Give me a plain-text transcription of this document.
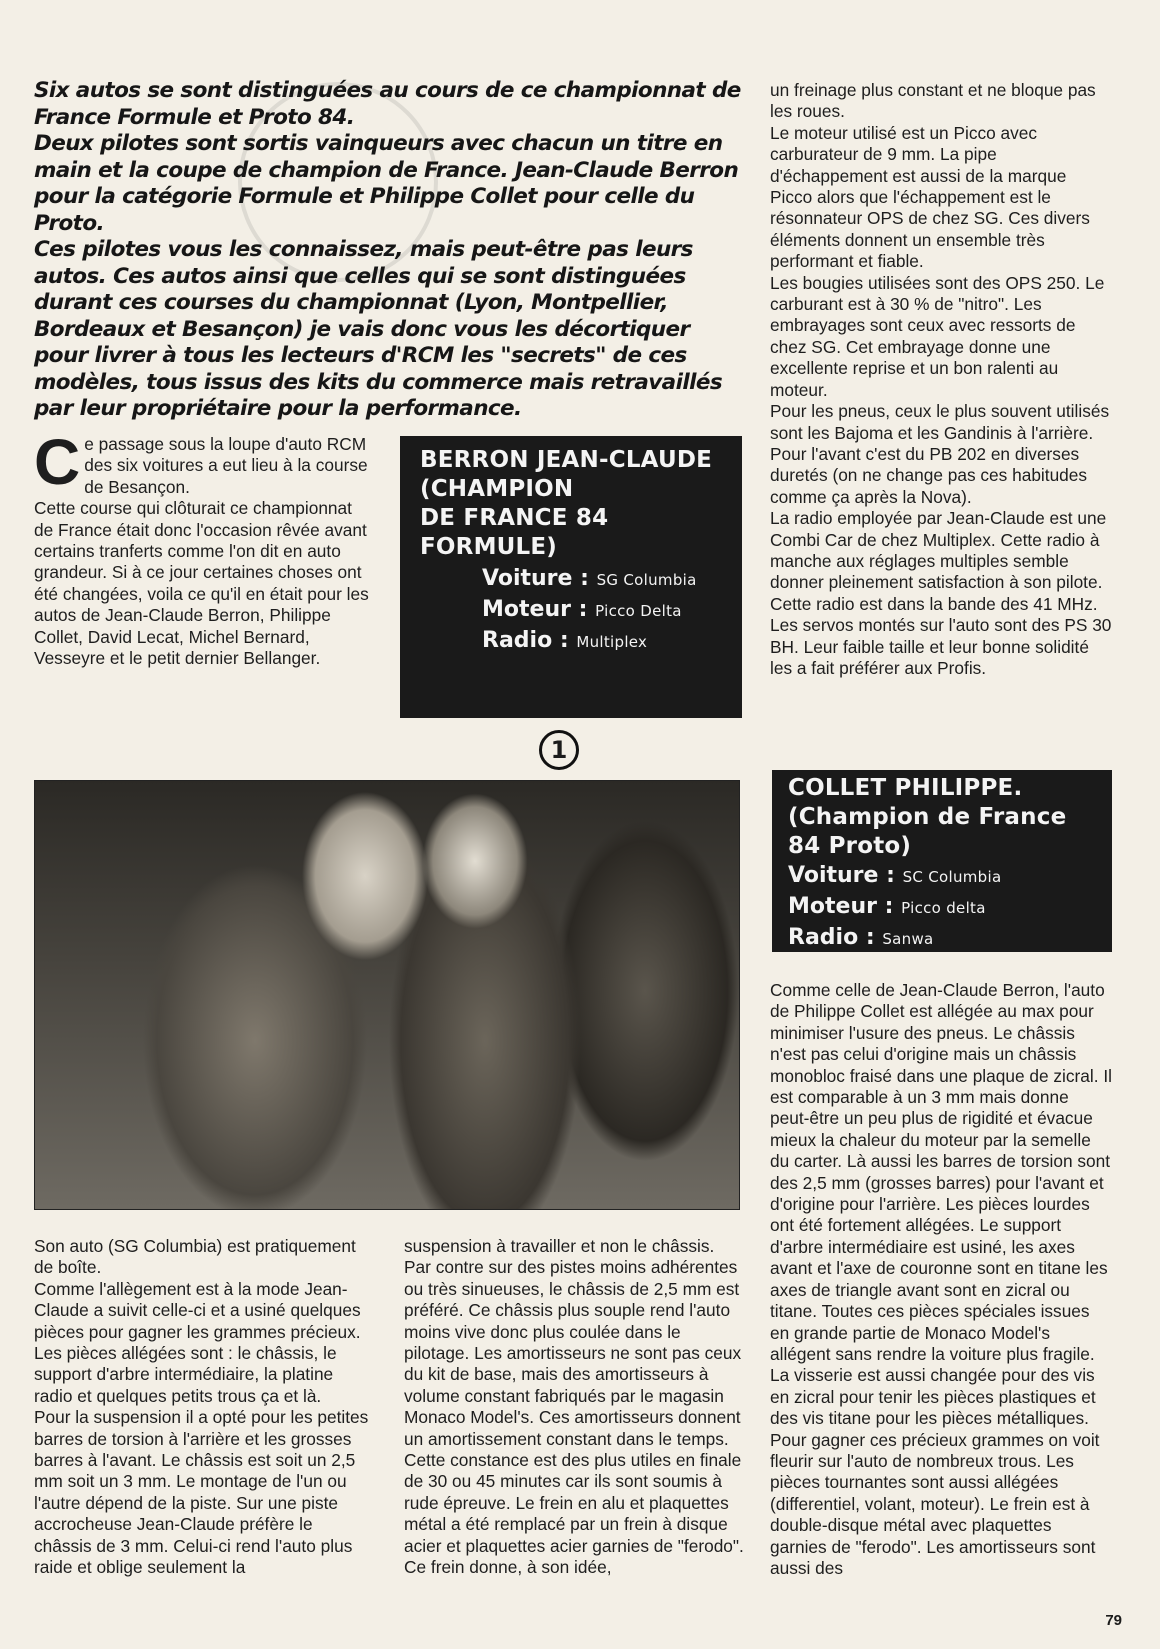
Six autos se sont distinguées au cours de ce championnat de France Formule et Proto 84.

Deux pilotes sont sortis vainqueurs avec chacun un titre en main et la coupe de champion de France. Jean-Claude Berron pour la catégorie Formule et Philippe Collet pour celle du Proto.

Ces pilotes vous les connaissez, mais peut-être pas leurs autos. Ces autos ainsi que celles qui se sont distinguées durant ces courses du championnat (Lyon, Montpellier, Bordeaux et Besançon) je vais donc vous les décortiquer pour livrer à tous les lecteurs d'RCM les "secrets" de ces modèles, tous issus des kits du commerce mais retravaillés par leur propriétaire pour la performance.

Ce passage sous la loupe d'auto RCM des six voitures a eut lieu à la course de Besançon.

Cette course qui clôturait ce championnat de France était donc l'occasion rêvée avant certains tranferts comme l'on dit en auto grandeur. Si à ce jour certaines choses ont été changées, voila ce qu'il en était pour les autos de Jean-Claude Berron, Philippe Collet, David Lecat, Michel Bernard, Vesseyre et le petit dernier Bellanger.

BERRON JEAN-CLAUDE
(CHAMPION
DE FRANCE 84
FORMULE)
Voiture : SG Columbia
Moteur : Picco Delta
Radio : Multiplex
1

un freinage plus constant et ne bloque pas les roues.

Le moteur utilisé est un Picco avec carburateur de 9 mm. La pipe d'échappement est aussi de la marque Picco alors que l'échappement est le résonnateur OPS de chez SG. Ces divers éléments donnent un ensemble très performant et fiable.

Les bougies utilisées sont des OPS 250. Le carburant est à 30 % de "nitro". Les embrayages sont ceux avec ressorts de chez SG. Cet embrayage donne une excellente reprise et un bon ralenti au moteur.

Pour les pneus, ceux le plus souvent utilisés sont les Bajoma et les Gandinis à l'arrière.

Pour l'avant c'est du PB 202 en diverses duretés (on ne change pas ces habitudes comme ça après la Nova).

La radio employée par Jean-Claude est une Combi Car de chez Multiplex. Cette radio à manche aux réglages multiples semble donner pleinement satisfaction à son pilote. Cette radio est dans la bande des 41 MHz. Les servos montés sur l'auto sont des PS 30 BH. Leur faible taille et leur bonne solidité les a fait préférer aux Profis.

COLLET PHILIPPE.
(Champion de France
84 Proto)
Voiture : SC Columbia
Moteur : Picco delta
Radio : Sanwa

Comme celle de Jean-Claude Berron, l'auto de Philippe Collet est allégée au max pour minimiser l'usure des pneus. Le châssis n'est pas celui d'origine mais un châssis monobloc fraisé dans une plaque de zicral. Il est comparable à un 3 mm mais donne peut-être un peu plus de rigidité et évacue mieux la chaleur du moteur par la semelle du carter. Là aussi les barres de torsion sont des 2,5 mm (grosses barres) pour l'avant et d'origine pour l'arrière. Les pièces lourdes ont été fortement allégées. Le support d'arbre intermédiaire est usiné, les axes avant et l'axe de couronne sont en titane les axes de triangle avant sont en zicral ou titane. Toutes ces pièces spéciales issues en grande partie de Monaco Model's allégent sans rendre la voiture plus fragile. La visserie est aussi changée pour des vis en zicral pour tenir les pièces plastiques et des vis titane pour les pièces métalliques. Pour gagner ces précieux grammes on voit fleurir sur l'auto de nombreux trous. Les pièces tournantes sont aussi allégées (differentiel, volant, moteur). Le frein est à double-disque métal avec plaquettes garnies de "ferodo". Les amortisseurs sont aussi des

Son auto (SG Columbia) est pratiquement de boîte.

Comme l'allègement est à la mode Jean-Claude a suivit celle-ci et a usiné quelques pièces pour gagner les grammes précieux. Les pièces allégées sont : le châssis, le support d'arbre intermédiaire, la platine radio et quelques petits trous ça et là.

Pour la suspension il a opté pour les petites barres de torsion à l'arrière et les grosses barres à l'avant. Le châssis est soit un 2,5 mm soit un 3 mm. Le montage de l'un ou l'autre dépend de la piste. Sur une piste accrocheuse Jean-Claude préfère le châssis de 3 mm. Celui-ci rend l'auto plus raide et oblige seulement la

suspension à travailler et non le châssis. Par contre sur des pistes moins adhérentes ou très sinueuses, le châssis de 2,5 mm est préféré. Ce châssis plus souple rend l'auto moins vive donc plus coulée dans le pilotage. Les amortisseurs ne sont pas ceux du kit de base, mais des amortisseurs à volume constant fabriqués par le magasin Monaco Model's. Ces amortisseurs donnent un amortissement constant dans le temps. Cette constance est des plus utiles en finale de 30 ou 45 minutes car ils sont soumis à rude épreuve. Le frein en alu et plaquettes métal a été remplacé par un frein à disque acier et plaquettes acier garnies de "ferodo". Ce frein donne, à son idée,

79
